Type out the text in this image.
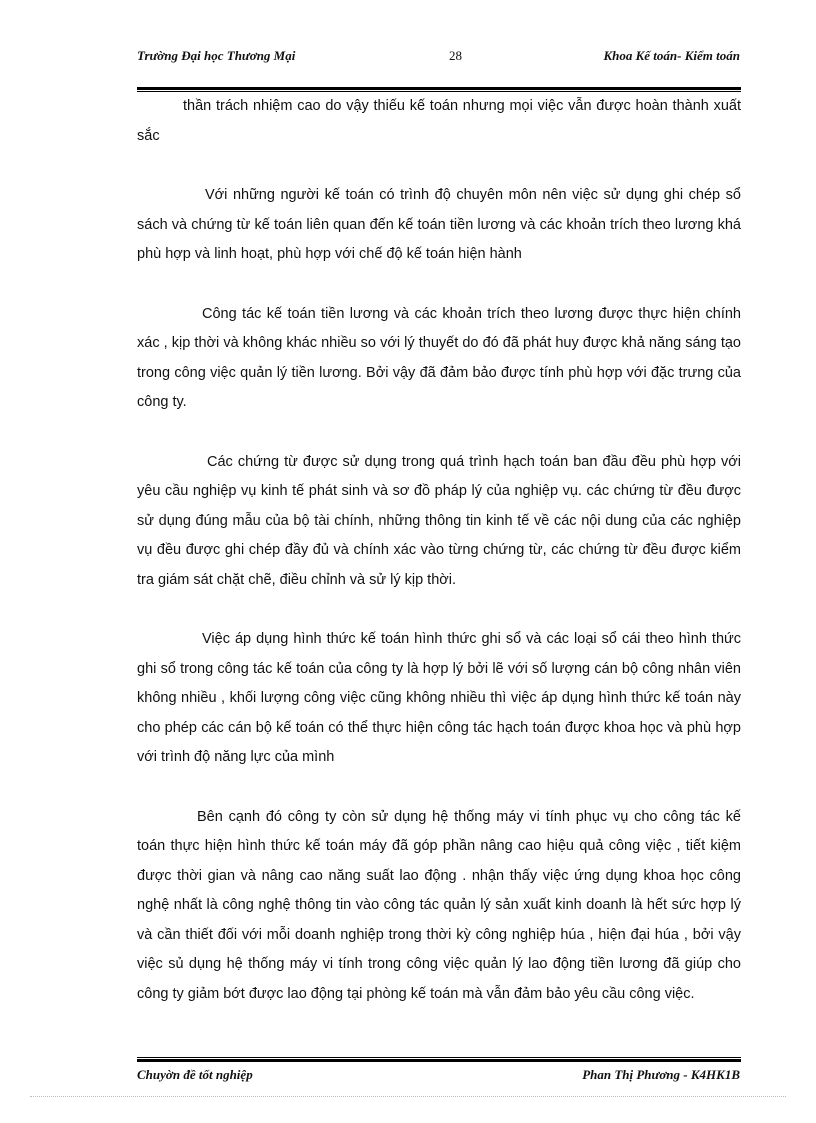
Trường Đại học Thương Mại	28	Khoa Kế toán- Kiểm toán

thần trách nhiệm cao do vậy thiếu kế toán nhưng mọi việc vẫn được hoàn thành xuất sắc

Với những người kế toán có trình độ chuyên môn nên việc sử dụng ghi chép sổ sách và chứng từ kế toán liên quan đến kế toán tiền lương và các khoản trích theo lương khá phù hợp và linh hoạt, phù hợp với chế độ kế toán hiện hành

Công tác kế toán tiền lương và các khoản trích theo lương được thực hiện chính xác , kịp thời và không khác nhiều so với lý thuyết do đó đã phát huy được khả năng sáng tạo trong công việc quản lý tiền lương. Bởi vậy đã đảm bảo được tính phù hợp với đặc trưng của công ty.

Các chứng từ được sử dụng trong quá trình hạch toán ban đầu đều phù hợp với yêu cầu nghiệp vụ kinh tế phát sinh và sơ đồ pháp lý của nghiệp vụ. các chứng từ đều được sử dụng đúng mẫu của bộ tài chính, những thông tin kinh tế về các nội dung của các nghiệp vụ đều được ghi chép đầy đủ và chính xác vào từng chứng từ, các chứng từ đều được kiểm tra giám sát chặt chẽ, điều chỉnh và sử lý kịp thời.

Việc áp dụng hình thức kế toán hình thức ghi sổ và các loại sổ cái theo hình thức ghi sổ trong công tác kế toán của công ty là hợp lý bởi lẽ với số lượng cán bộ công nhân viên không nhiều , khối lượng công việc cũng không nhiều thì việc áp dụng hình thức kế toán này cho phép các cán bộ kế toán có thể thực hiện công tác hạch toán được khoa học và phù hợp với trình độ năng lực của mình

Bên cạnh đó công ty còn sử dụng hệ thống máy vi tính phục vụ cho công tác kế toán thực hiện hình thức kế toán máy đã góp phần nâng cao hiệu quả công việc , tiết kiệm được thời gian và nâng cao năng suất lao động . nhận thấy việc ứng dụng khoa học công nghệ nhất là công nghệ thông tin vào công tác quản lý sản xuất kinh doanh là hết sức hợp lý và cần thiết đối với mỗi doanh nghiệp trong thời kỳ công nghiệp húa , hiện đại húa , bởi vậy việc sủ dụng hệ thống máy vi tính trong công việc quản lý lao động tiền lương đã giúp cho công ty giảm bớt được lao động tại phòng kế toán mà vẫn đảm bảo yêu cầu công việc.

Chuyờn đề tốt nghiệp	Phan Thị Phương - K4HK1B
